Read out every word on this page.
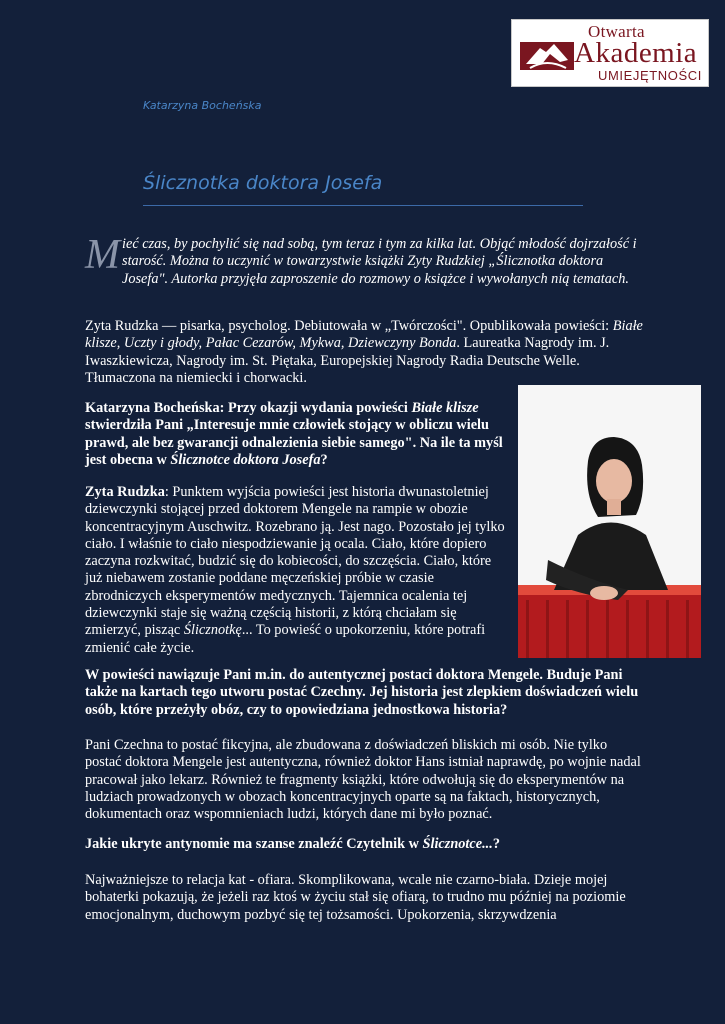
Otwarta
Akademia
UMIEJĘTNOŚCI
Katarzyna Bocheńska
Ślicznotka doktora Josefa

Mieć czas, by pochylić się nad sobą, tym teraz i tym za kilka lat. Objąć młodość dojrzałość i starość. Można to uczynić w towarzystwie książki Zyty Rudzkiej „Ślicznotka doktora Josefa". Autorka przyjęła zaproszenie do rozmowy o książce i wywołanych nią tematach.

Zyta Rudzka — pisarka, psycholog. Debiutowała w „Twórczości". Opublikowała powieści: Białe klisze, Uczty i głody, Pałac Cezarów, Mykwa, Dziewczyny Bonda. Laureatka Nagrody im. J. Iwaszkiewicza, Nagrody im. St. Piętaka, Europejskiej Nagrody Radia Deutsche Welle. Tłumaczona na niemiecki i chorwacki.

Katarzyna Bocheńska: Przy okazji wydania powieści Białe klisze stwierdziła Pani „Interesuje mnie człowiek stojący w obliczu wielu prawd, ale bez gwarancji odnalezienia siebie samego". Na ile ta myśl jest obecna w Ślicznotce doktora Josefa?

Zyta Rudzka: Punktem wyjścia powieści jest historia dwunastoletniej dziewczynki stojącej przed doktorem Mengele na rampie w obozie koncentracyjnym Auschwitz. Rozebrano ją. Jest nago. Pozostało jej tylko ciało. I właśnie to ciało niespodziewanie ją ocala. Ciało, które dopiero zaczyna rozkwitać, budzić się do kobiecości, do szczęścia. Ciało, które już niebawem zostanie poddane męczeńskiej próbie w czasie zbrodniczych eksperymentów medycznych. Tajemnica ocalenia tej dziewczynki staje się ważną częścią historii, z którą chciałam się zmierzyć, pisząc Ślicznotkę... To powieść o upokorzeniu, które potrafi zmienić całe życie.

W powieści nawiązuje Pani m.in. do autentycznej postaci doktora Mengele. Buduje Pani także na kartach tego utworu postać Czechny. Jej historia jest zlepkiem doświadczeń wielu osób, które przeżyły obóz, czy to opowiedziana jednostkowa historia?

Pani Czechna to postać fikcyjna, ale zbudowana z doświadczeń bliskich mi osób. Nie tylko postać doktora Mengele jest autentyczna, również doktor Hans istniał naprawdę, po wojnie nadal pracował jako lekarz. Również te fragmenty książki, które odwołują się do eksperymentów na ludziach prowadzonych w obozach koncentracyjnych oparte są na faktach, historycznych, dokumentach oraz wspomnieniach ludzi, których dane mi było poznać.

Jakie ukryte antynomie ma szanse znaleźć Czytelnik w Ślicznotce...?

Najważniejsze to relacja kat - ofiara. Skomplikowana, wcale nie czarno-biała. Dzieje mojej bohaterki pokazują, że jeżeli raz ktoś w życiu stał się ofiarą, to trudno mu później na poziomie emocjonalnym, duchowym pozbyć się tej tożsamości. Upokorzenia, skrzywdzenia
